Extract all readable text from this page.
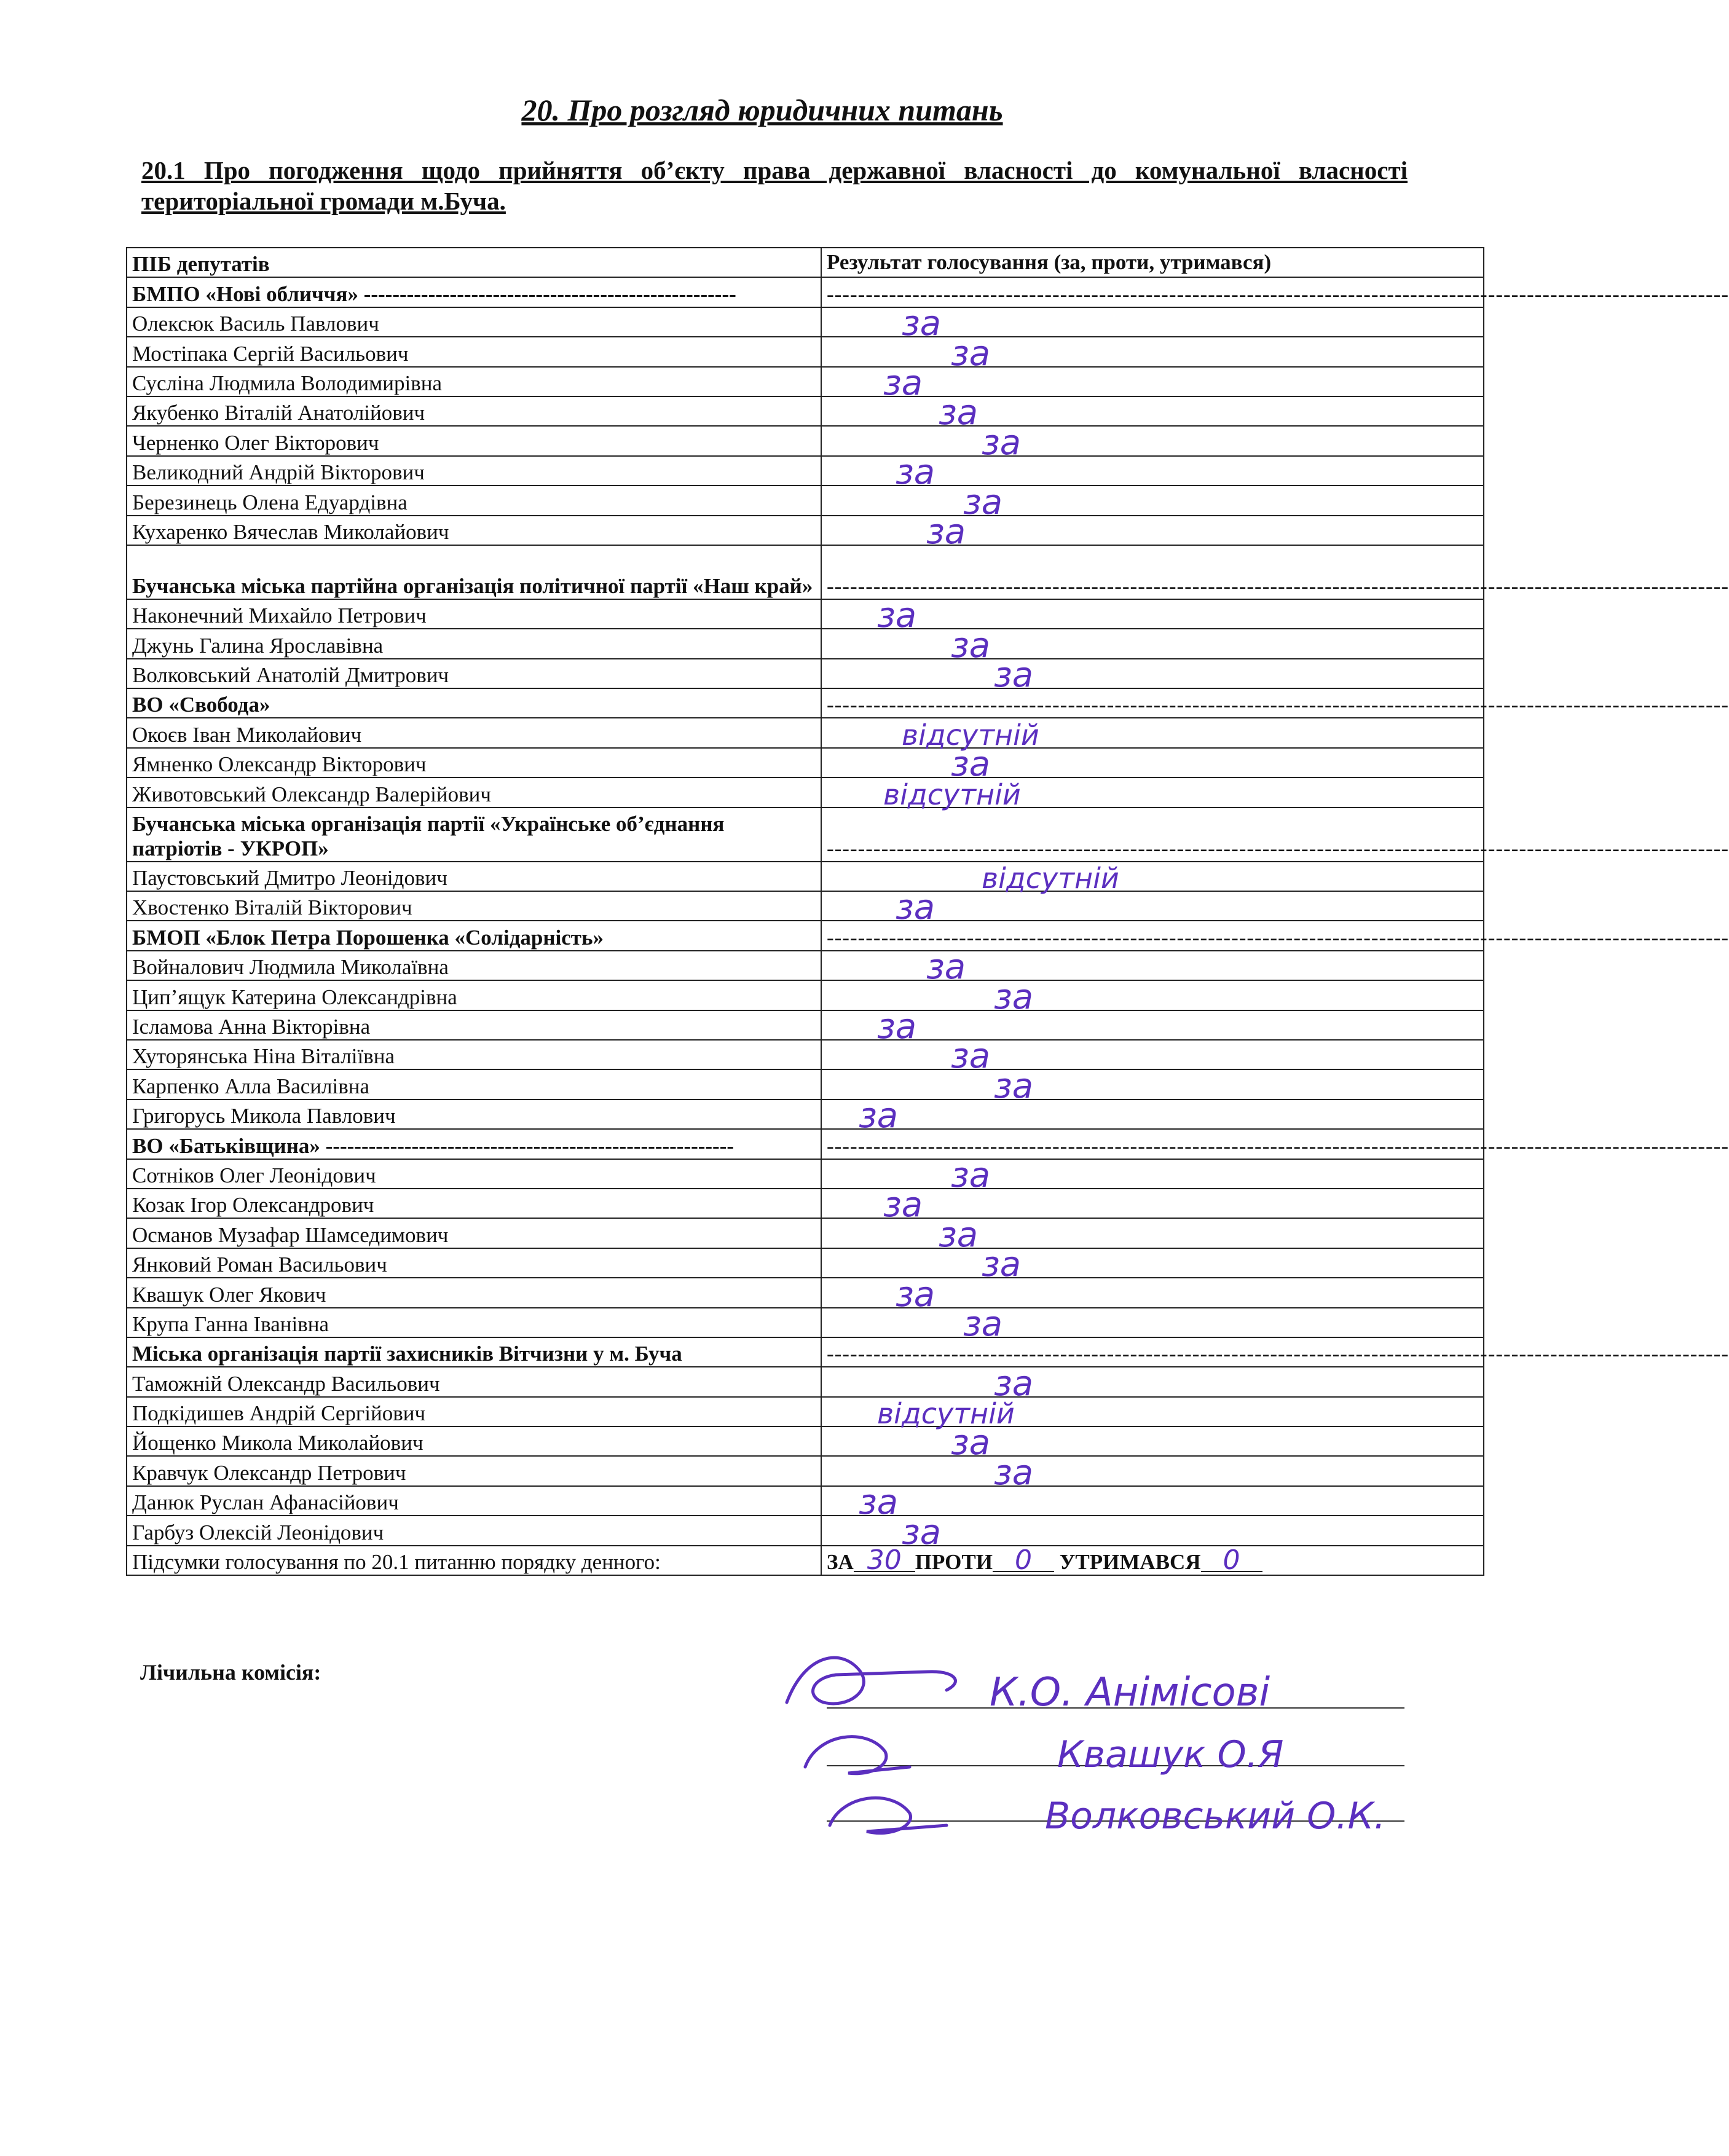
20. Про розгляд юридичних питань
20.1 Про погодження щодо прийняття об’єкту права державної власності до комунальної власності територіальної громади м.Буча.
ПІБ депутатів	Результат голосування (за, проти, утримався)
БМПО «Нові обличчя» ----------------------------------------------------	--------------------------------------------------------------------------------------------------------------------

Олексюк Василь Павлович	за
Мостіпака Сергій Васильович	за
Сусліна Людмила Володимирівна	за
Якубенко Віталій Анатолійович	за
Черненко Олег Вікторович	за
Великодний Андрій Вікторович	за
Березинець Олена Едуардівна	за
Кухаренко Вячеслав Миколайович	за
Бучанська міська партійна організація політичної партії «Наш край»	--------------------------------------------------------------------------------------------------------------------

Наконечний Михайло Петрович	за
Джунь Галина Ярославівна	за
Волковський Анатолій Дмитрович	за
ВО «Свобода»	--------------------------------------------------------------------------------------------------------------------

Окоєв Іван Миколайович	відсутній
Ямненко Олександр Вікторович	за
Животовський Олександр Валерійович	відсутній
Бучанська міська організація партії «Українське об’єднання патріотів - УКРОП»	--------------------------------------------------------------------------------------------------------------------

Паустовський Дмитро Леонідович	відсутній
Хвостенко Віталій Вікторович	за
БМОП «Блок Петра Порошенка «Солідарність»	--------------------------------------------------------------------------------------------------------------------

Войналович Людмила Миколаївна	за
Цип’ящук Катерина Олександрівна	за
Ісламова Анна Вікторівна	за
Хуторянська Ніна Віталіївна	за
Карпенко Алла Василівна	за
Григорусь Микола Павлович	за
ВО «Батьківщина» ---------------------------------------------------------	--------------------------------------------------------------------------------------------------------------------

Сотніков Олег Леонідович	за
Козак Ігор Олександрович	за
Османов Музафар Шамседимович	за
Янковий Роман Васильович	за
Квашук Олег Якович	за
Крупа Ганна Іванівна	за
Міська організація партії захисників Вітчизни у м. Буча	--------------------------------------------------------------------------------------------------------------------

Таможній Олександр Васильович	за
Подкідишев Андрій Сергійович	відсутній
Йощенко Микола Миколайович	за
Кравчук Олександр Петрович	за
Данюк Руслан Афанасійович	за
Гарбуз Олексій Леонідович	за
Підсумки голосування по 20.1 питанню порядку денного:	ЗА 30 ПРОТИ 0 УТРИМАВСЯ 0
Лічильна комісія:	К.О. Анімісові
Квашук О.Я
Волковський О.К.
